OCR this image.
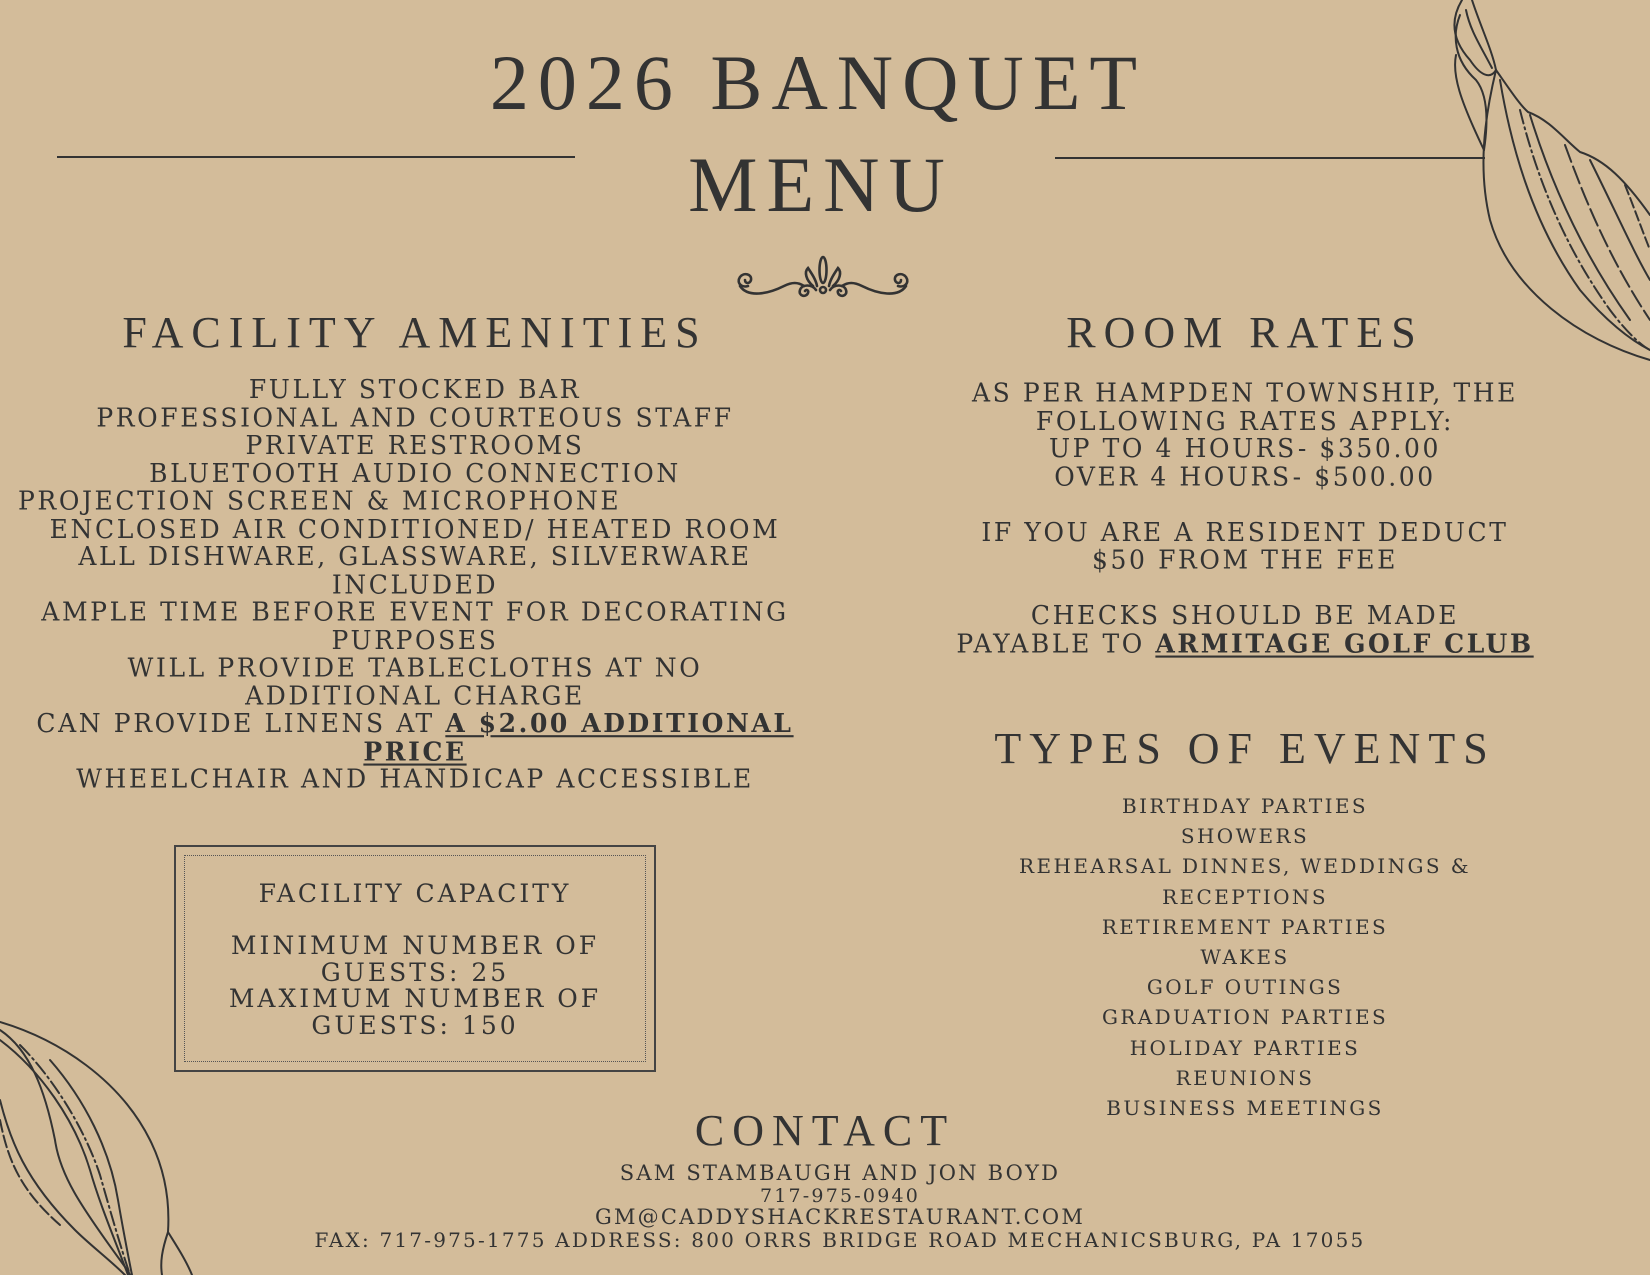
2026 BANQUET
MENU
FACILITY AMENITIES
FULLY STOCKED BAR
PROFESSIONAL AND COURTEOUS STAFF
PRIVATE RESTROOMS
BLUETOOTH AUDIO CONNECTION
PROJECTION SCREEN & MICROPHONE
ENCLOSED AIR CONDITIONED/ HEATED ROOM
ALL DISHWARE, GLASSWARE, SILVERWARE
INCLUDED
AMPLE TIME BEFORE EVENT FOR DECORATING
PURPOSES
WILL PROVIDE TABLECLOTHS AT NO
ADDITIONAL CHARGE
CAN PROVIDE LINENS AT A $2.00 ADDITIONAL
PRICE
WHEELCHAIR AND HANDICAP ACCESSIBLE
FACILITY CAPACITY
MINIMUM NUMBER OF
GUESTS: 25
MAXIMUM NUMBER OF
GUESTS: 150
ROOM RATES
AS PER HAMPDEN TOWNSHIP, THE
FOLLOWING RATES APPLY:
UP TO 4 HOURS- $350.00
OVER 4 HOURS- $500.00
IF YOU ARE A RESIDENT DEDUCT
$50 FROM THE FEE
CHECKS SHOULD BE MADE
PAYABLE TO ARMITAGE GOLF CLUB
TYPES OF EVENTS
BIRTHDAY PARTIES
SHOWERS
REHEARSAL DINNES, WEDDINGS &
RECEPTIONS
RETIREMENT PARTIES
WAKES
GOLF OUTINGS
GRADUATION PARTIES
HOLIDAY PARTIES
REUNIONS
BUSINESS MEETINGS
CONTACT
SAM STAMBAUGH AND JON BOYD
717-975-0940
GM@CADDYSHACKRESTAURANT.COM
FAX: 717-975-1775 ADDRESS: 800 ORRS BRIDGE ROAD MECHANICSBURG, PA 17055
